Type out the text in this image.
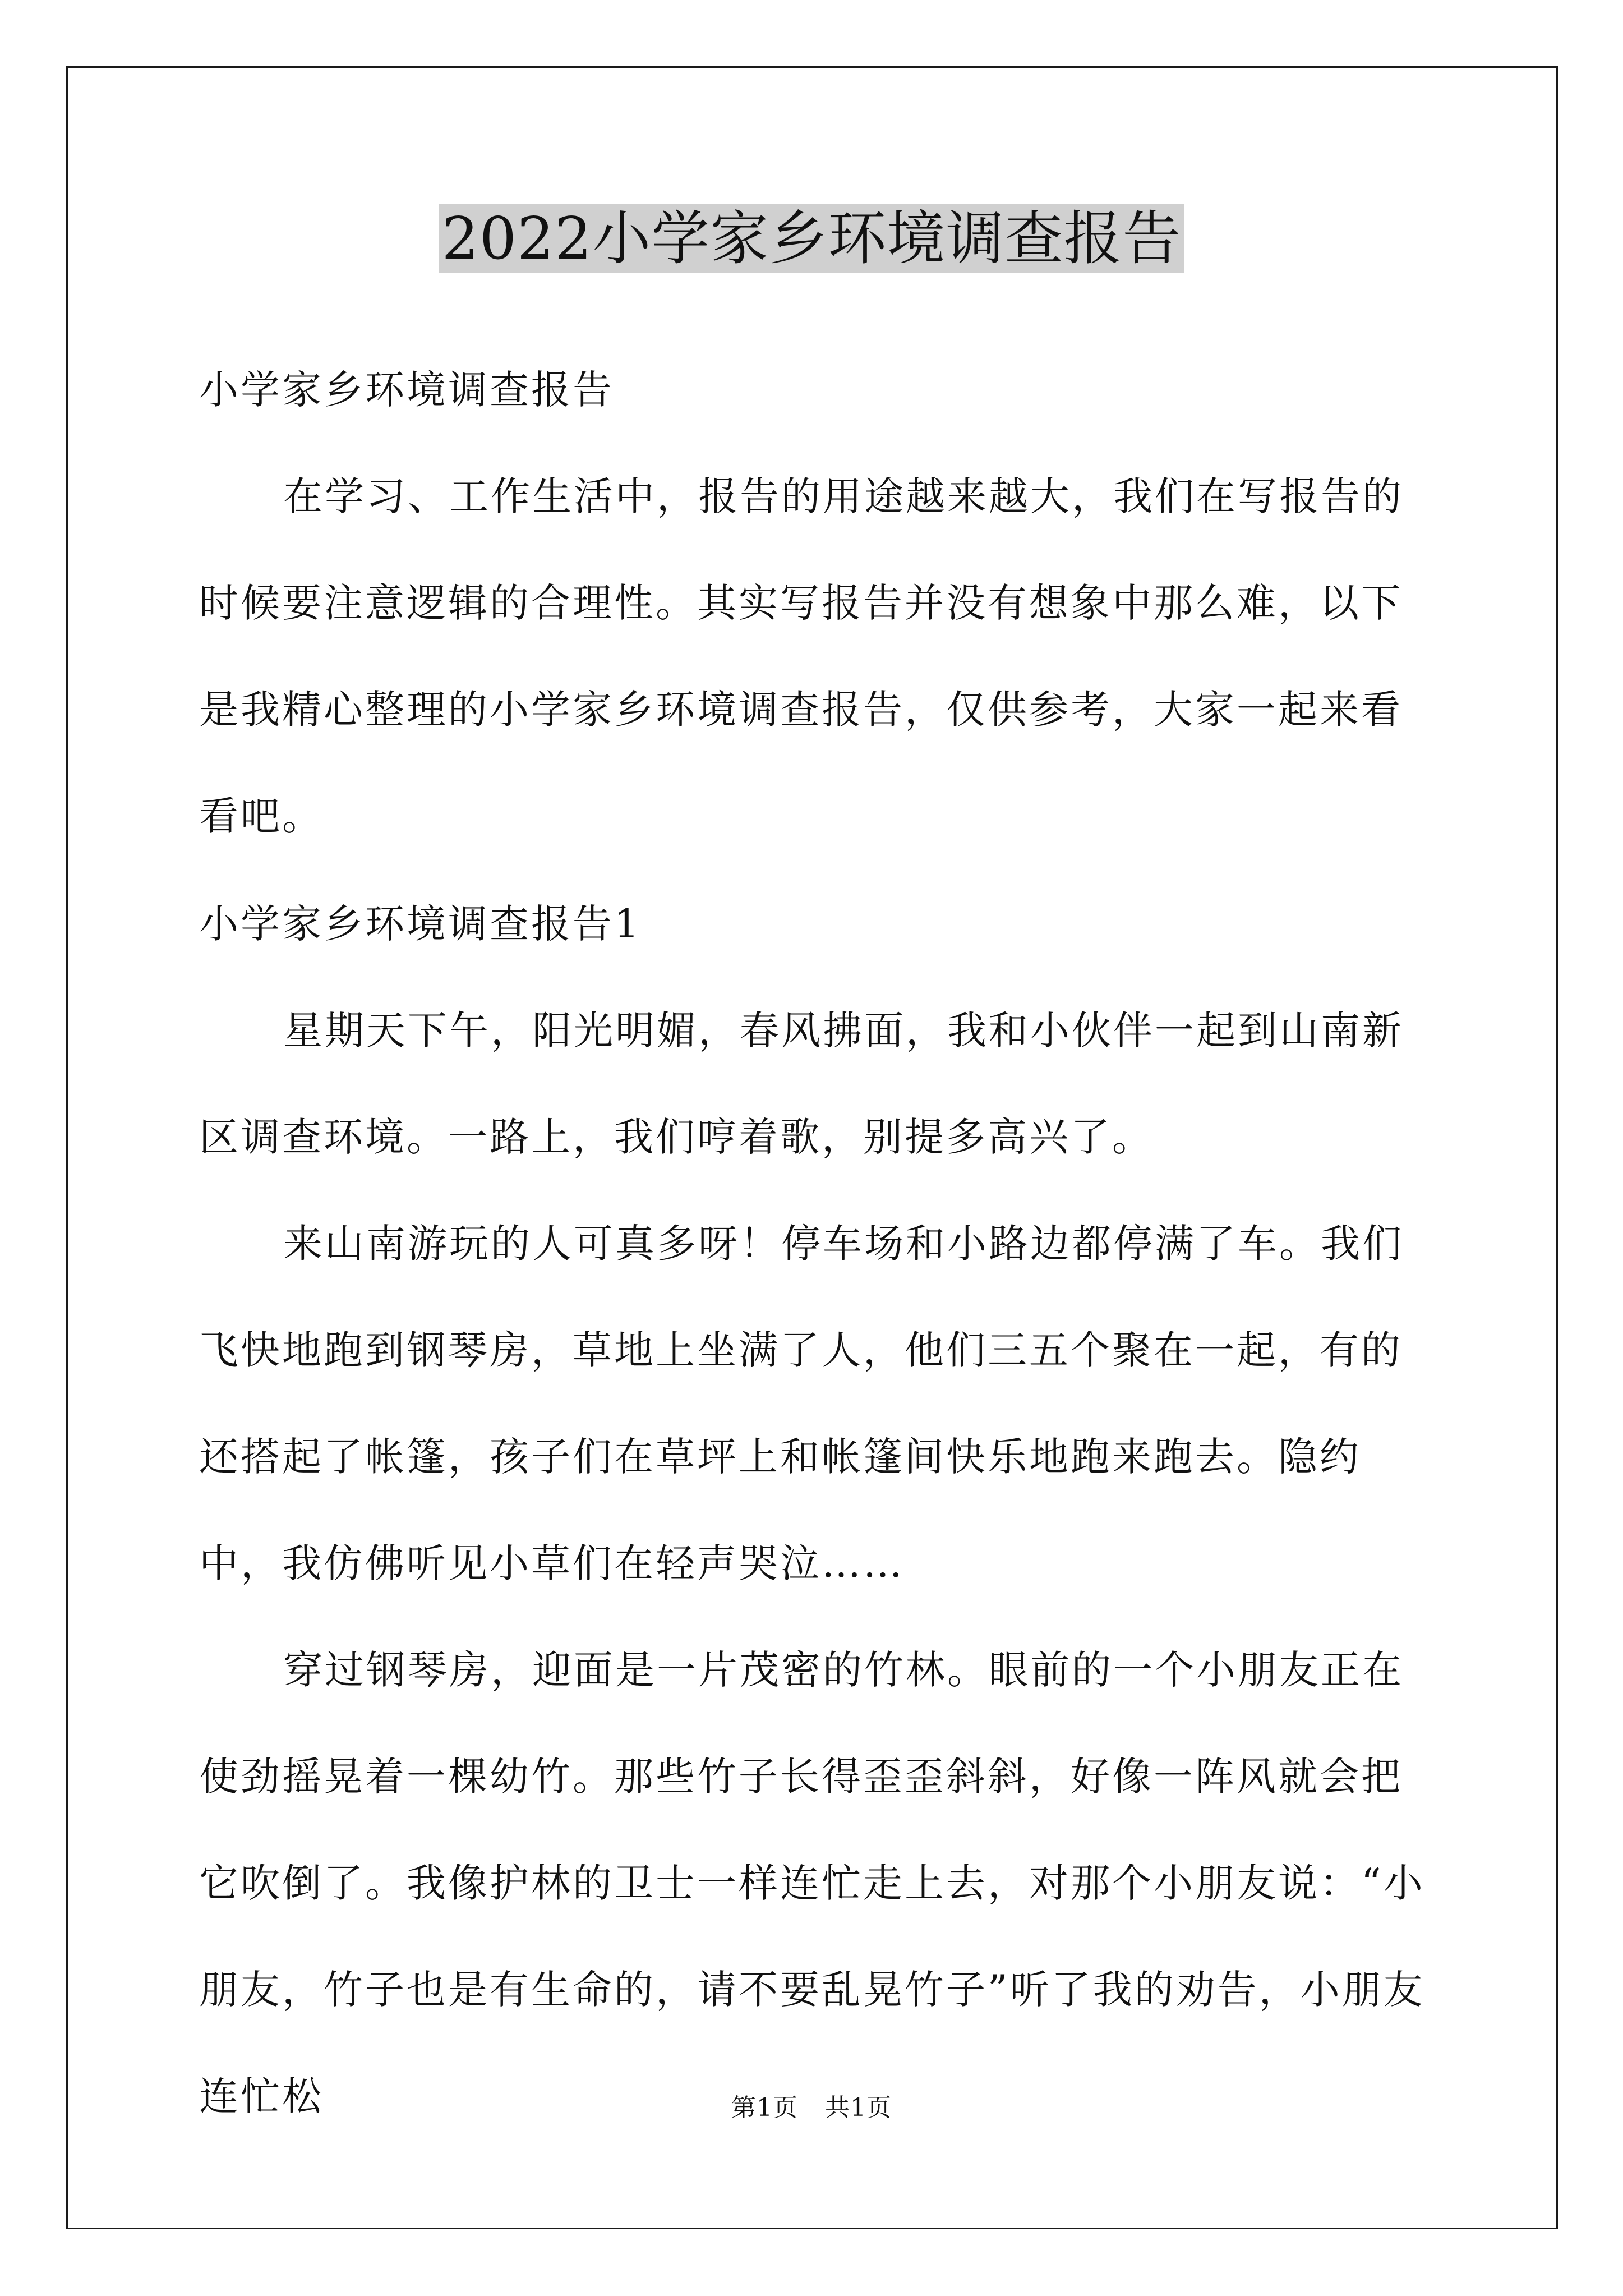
2022小学家乡环境调查报告

小学家乡环境调查报告

在学习、工作生活中，报告的用途越来越大，我们在写报告的时候要注意逻辑的合理性。其实写报告并没有想象中那么难，以下是我精心整理的小学家乡环境调查报告，仅供参考，大家一起来看看吧。

小学家乡环境调查报告1

星期天下午，阳光明媚，春风拂面，我和小伙伴一起到山南新区调查环境。一路上，我们哼着歌，别提多高兴了。

来山南游玩的人可真多呀！停车场和小路边都停满了车。我们飞快地跑到钢琴房，草地上坐满了人，他们三五个聚在一起，有的还搭起了帐篷，孩子们在草坪上和帐篷间快乐地跑来跑去。隐约中，我仿佛听见小草们在轻声哭泣……

穿过钢琴房，迎面是一片茂密的竹林。眼前的一个小朋友正在使劲摇晃着一棵幼竹。那些竹子长得歪歪斜斜，好像一阵风就会把它吹倒了。我像护林的卫士一样连忙走上去，对那个小朋友说：“小朋友，竹子也是有生命的，请不要乱晃竹子”听了我的劝告，小朋友连忙松	第1页 共1页
